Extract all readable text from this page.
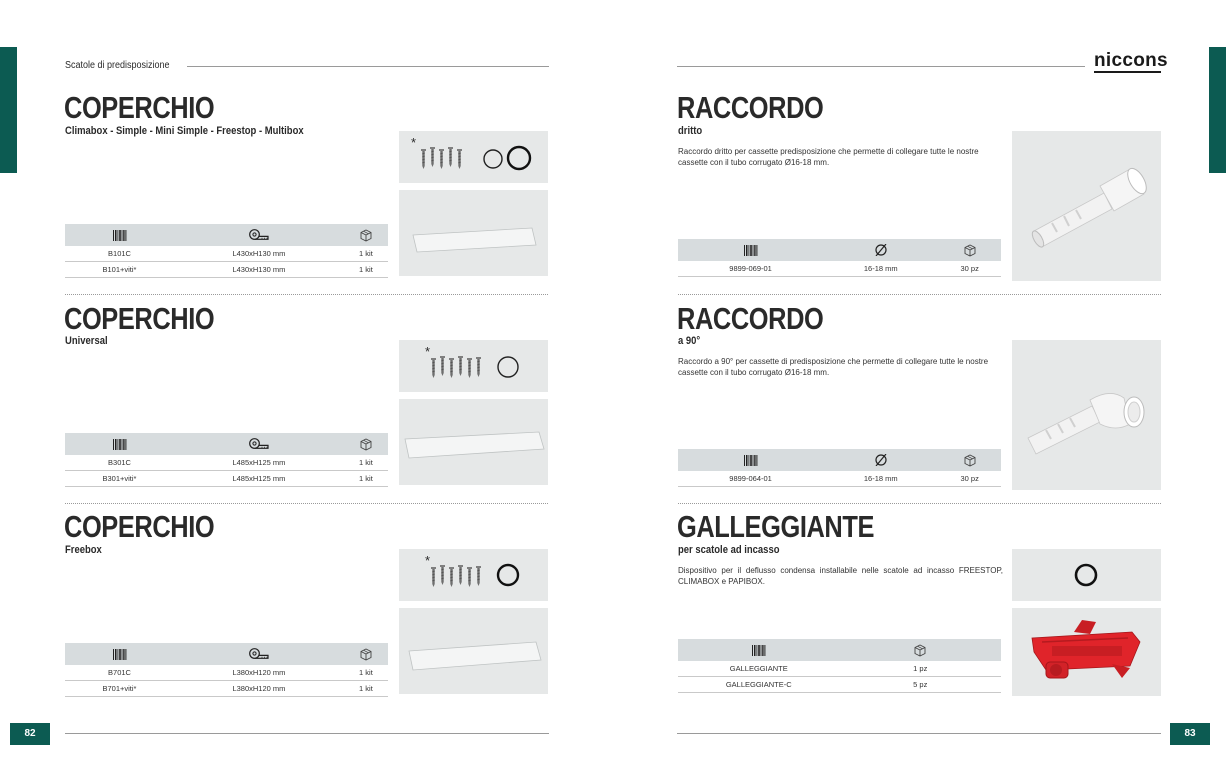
Scatole di predisposizione	niccons
COPERCHIO
Climabox - Simple - Mini Simple - Freestop - Multibox
*

B101C	L430xH130 mm	1 kit
B101+viti*	L430xH130 mm	1 kit
COPERCHIO
Universal
*

B301C	L485xH125 mm	1 kit
B301+viti*	L485xH125 mm	1 kit
COPERCHIO
Freebox
*

B701C	L380xH120 mm	1 kit
B701+viti*	L380xH120 mm	1 kit
RACCORDO
dritto
Raccordo dritto per cassette predisposizione che permette di collegare tutte le nostre cassette con il tubo corrugato Ø16-18 mm.

9899-069-01	16-18 mm	30 pz
RACCORDO
a 90°
Raccordo a 90° per cassette di predisposizione che permette di collegare tutte le nostre cassette con il tubo corrugato Ø16-18 mm.

9899-064-01	16-18 mm	30 pz
GALLEGGIANTE
per scatole ad incasso
Dispositivo per il deflusso condensa installabile nelle scatole ad incasso FREESTOP, CLIMABOX e PAPIBOX.

GALLEGGIANTE	1 pz
GALLEGGIANTE-C	5 pz
82	83
